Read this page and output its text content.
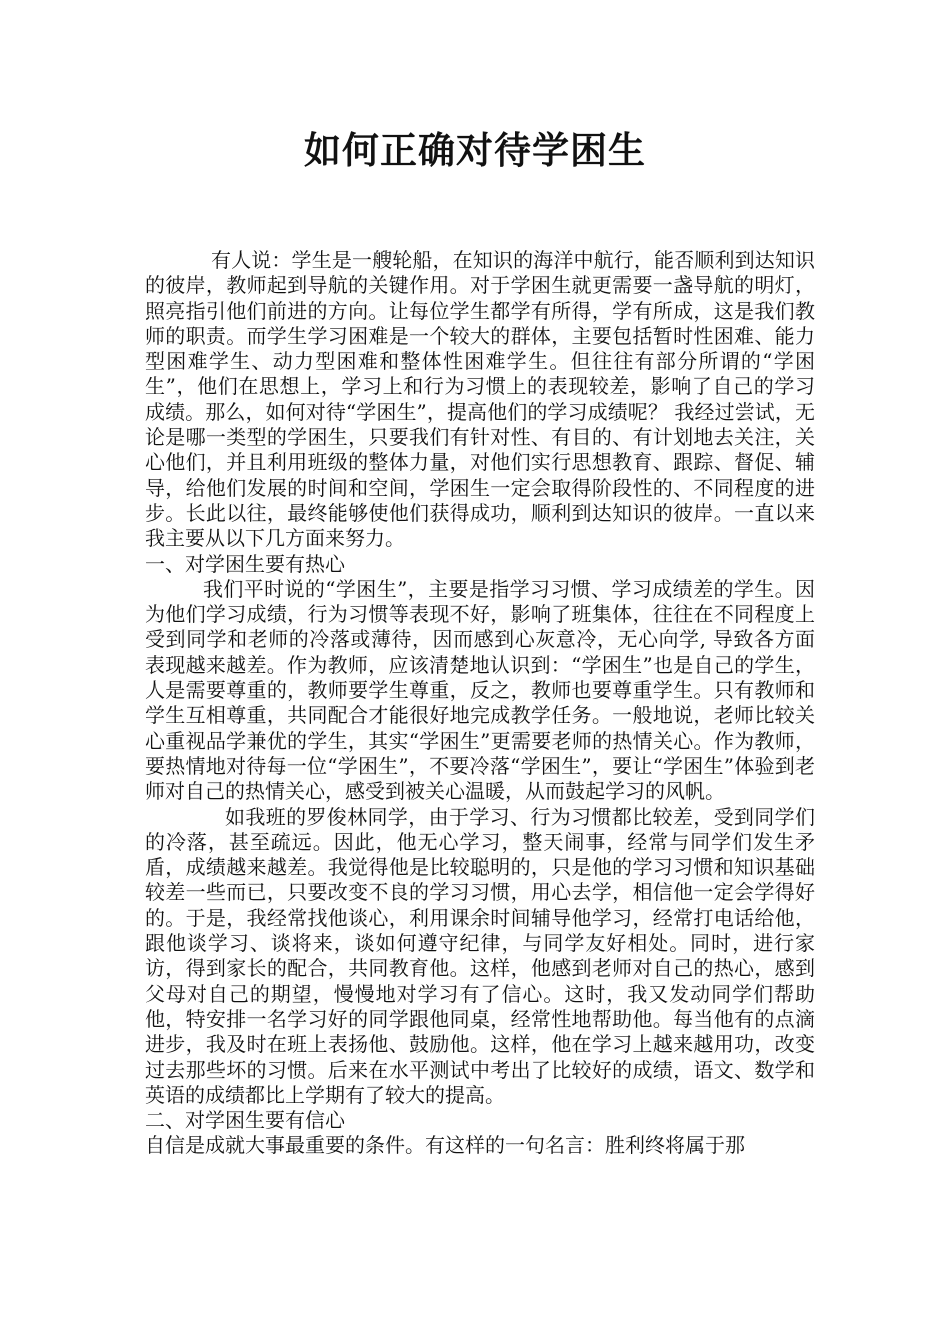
如何正确对待学困生

有人说：学生是一艘轮船，在知识的海洋中航行，能否顺利到达知识的彼岸，教师起到导航的关键作用。对于学困生就更需要一盏导航的明灯，照亮指引他们前进的方向。让每位学生都学有所得，学有所成，这是我们教师的职责。而学生学习困难是一个较大的群体，主要包括暂时性困难、能力型困难学生、动力型困难和整体性困难学生。但往往有部分所谓的“学困生”，他们在思想上，学习上和行为习惯上的表现较差，影响了自己的学习成绩。那么，如何对待“学困生”，提高他们的学习成绩呢？ 我经过尝试，无论是哪一类型的学困生，只要我们有针对性、有目的、有计划地去关注，关心他们，并且利用班级的整体力量，对他们实行思想教育、跟踪、督促、辅导，给他们发展的时间和空间，学困生一定会取得阶段性的、不同程度的进步。长此以往，最终能够使他们获得成功，顺利到达知识的彼岸。一直以来我主要从以下几方面来努力。

一、对学困生要有热心

我们平时说的“学困生”，主要是指学习习惯、学习成绩差的学生。因为他们学习成绩，行为习惯等表现不好，影响了班集体，往往在不同程度上受到同学和老师的冷落或薄待，因而感到心灰意冷，无心向学, 导致各方面表现越来越差。作为教师，应该清楚地认识到：“学困生”也是自己的学生，人是需要尊重的，教师要学生尊重，反之，教师也要尊重学生。只有教师和学生互相尊重，共同配合才能很好地完成教学任务。一般地说，老师比较关心重视品学兼优的学生，其实“学困生”更需要老师的热情关心。作为教师，要热情地对待每一位“学困生”，不要冷落“学困生”，要让“学困生”体验到老师对自己的热情关心，感受到被关心温暖，从而鼓起学习的风帆。

如我班的罗俊林同学，由于学习、行为习惯都比较差，受到同学们的冷落，甚至疏远。因此，他无心学习，整天闹事，经常与同学们发生矛盾，成绩越来越差。我觉得他是比较聪明的，只是他的学习习惯和知识基础较差一些而已，只要改变不良的学习习惯，用心去学，相信他一定会学得好的。于是，我经常找他谈心，利用课余时间辅导他学习，经常打电话给他，跟他谈学习、谈将来，谈如何遵守纪律，与同学友好相处。同时，进行家访，得到家长的配合，共同教育他。这样，他感到老师对自己的热心，感到父母对自己的期望，慢慢地对学习有了信心。这时，我又发动同学们帮助他，特安排一名学习好的同学跟他同桌，经常性地帮助他。每当他有的点滴进步，我及时在班上表扬他、鼓励他。这样，他在学习上越来越用功，改变过去那些坏的习惯。后来在水平测试中考出了比较好的成绩，语文、数学和英语的成绩都比上学期有了较大的提高。

二、对学困生要有信心

自信是成就大事最重要的条件。有这样的一句名言：胜利终将属于那
